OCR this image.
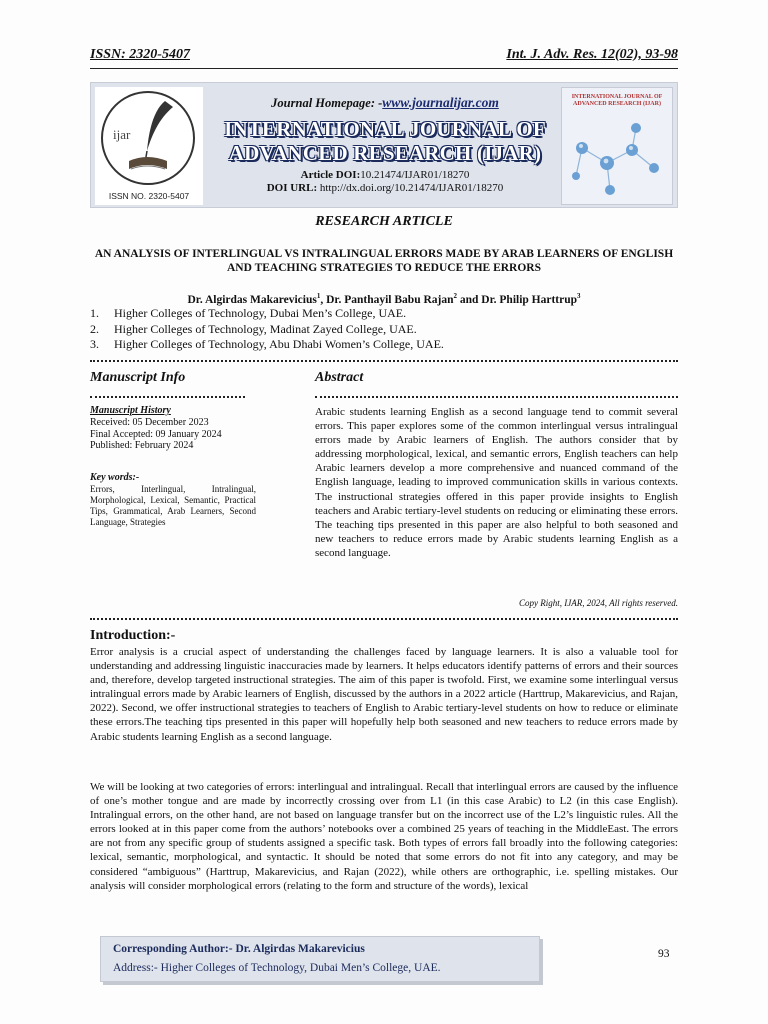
ISSN: 2320-5407	Int. J. Adv. Res. 12(02), 93-98
ijar
ISSN NO. 2320-5407
Journal Homepage: -www.journalijar.com
INTERNATIONAL JOURNAL OF
ADVANCED RESEARCH (IJAR)
Article DOI:10.21474/IJAR01/18270
DOI URL: http://dx.doi.org/10.21474/IJAR01/18270
INTERNATIONAL JOURNAL OF ADVANCED RESEARCH (IJAR)
RESEARCH ARTICLE
AN ANALYSIS OF INTERLINGUAL VS INTRALINGUAL ERRORS MADE BY ARAB LEARNERS OF ENGLISH AND TEACHING STRATEGIES TO REDUCE THE ERRORS
Dr. Algirdas Makarevicius$^1$, Dr. Panthayil Babu Rajan$^2$ and Dr. Philip Harttrup$^3$
1. Higher Colleges of Technology, Dubai Men’s College, UAE.
2. Higher Colleges of Technology, Madinat Zayed College, UAE.
3. Higher Colleges of Technology, Abu Dhabi Women’s College, UAE.
Manuscript Info	Abstract
Manuscript History
Received: 05 December 2023
Final Accepted: 09 January 2024
Published: February 2024
Key words:-
Errors, Interlingual, Intralingual, Morphological, Lexical, Semantic, Practical Tips, Grammatical, Arab Learners, Second Language, Strategies
Arabic students learning English as a second language tend to commit several errors. This paper explores some of the common interlingual versus intralingual errors made by Arabic learners of English. The authors consider that by addressing morphological, lexical, and semantic errors, English teachers can help Arabic learners develop a more comprehensive and nuanced command of the English language, leading to improved communication skills in various contexts. The instructional strategies offered in this paper provide insights to English teachers and Arabic tertiary-level students on reducing or eliminating these errors. The teaching tips presented in this paper are also helpful to both seasoned and new teachers to reduce errors made by Arabic students learning English as a second language.
Copy Right, IJAR, 2024, All rights reserved.
Introduction:-
Error analysis is a crucial aspect of understanding the challenges faced by language learners. It is also a valuable tool for understanding and addressing linguistic inaccuracies made by learners. It helps educators identify patterns of errors and their sources and, therefore, develop targeted instructional strategies. The aim of this paper is twofold. First, we examine some interlingual versus intralingual errors made by Arabic learners of English, discussed by the authors in a 2022 article (Harttrup, Makarevicius, and Rajan, 2022). Second, we offer instructional strategies to teachers of English to Arabic tertiary-level students on how to reduce or eliminate these errors.The teaching tips presented in this paper will hopefully help both seasoned and new teachers to reduce errors made by Arabic students learning English as a second language.
We will be looking at two categories of errors: interlingual and intralingual. Recall that interlingual errors are caused by the influence of one’s mother tongue and are made by incorrectly crossing over from L1 (in this case Arabic) to L2 (in this case English). Intralingual errors, on the other hand, are not based on language transfer but on the incorrect use of the L2’s linguistic rules. All the errors looked at in this paper come from the authors’ notebooks over a combined 25 years of teaching in the MiddleEast. The errors are not from any specific group of students assigned a specific task. Both types of errors fall broadly into the following categories: lexical, semantic, morphological, and syntactic. It should be noted that some errors do not fit into any category, and may be considered “ambiguous” (Harttrup, Makarevicius, and Rajan (2022), while others are orthographic, i.e. spelling mistakes. Our analysis will consider morphological errors (relating to the form and structure of the words), lexical
Corresponding Author:- Dr. Algirdas Makarevicius
Address:- Higher Colleges of Technology, Dubai Men’s College, UAE.
93
